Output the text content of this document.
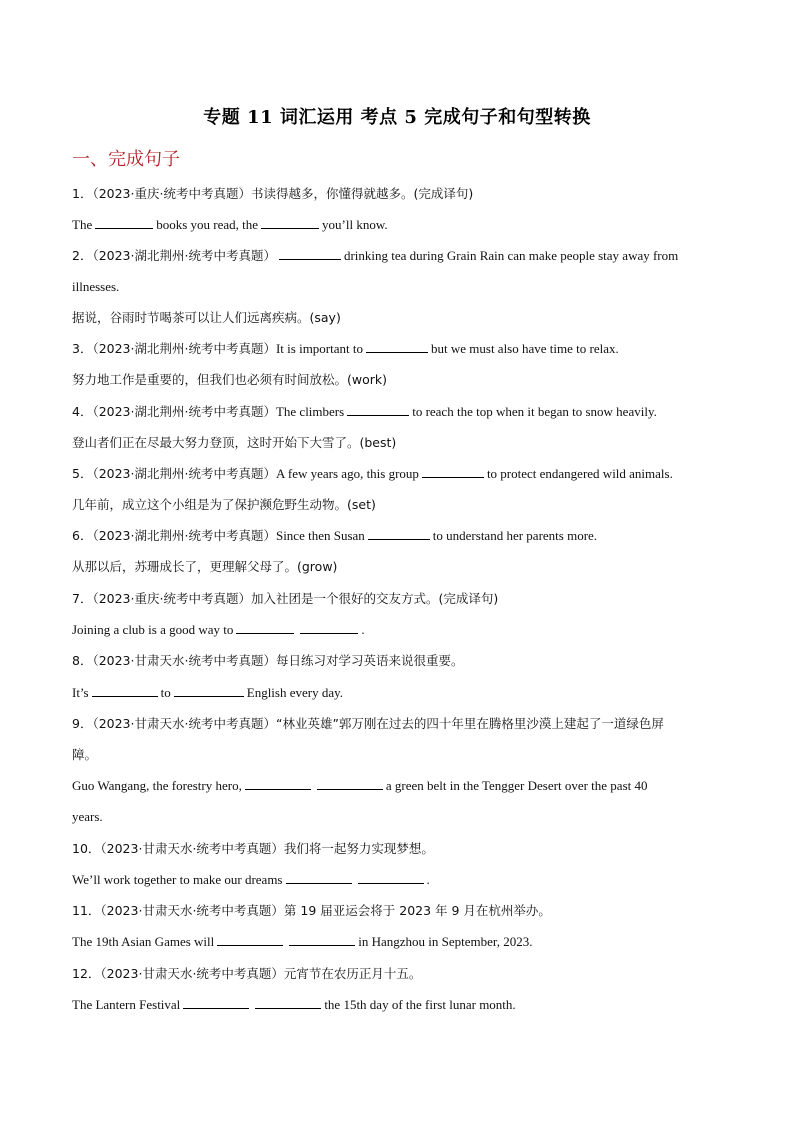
专题 11 词汇运用 考点 5 完成句子和句型转换
一、完成句子
1．（2023·重庆·统考中考真题）书读得越多，你懂得就越多。(完成译句)
The	books you read, the	you’ll know.
2．（2023·湖北荆州·统考中考真题）	drinking tea during Grain Rain can make people stay away from
illnesses.
据说，谷雨时节喝茶可以让人们远离疾病。(say)
3．（2023·湖北荆州·统考中考真题）It is important to	but we must also have time to relax.
努力地工作是重要的，但我们也必须有时间放松。(work)
4．（2023·湖北荆州·统考中考真题）The climbers	to reach the top when it began to snow heavily.
登山者们正在尽最大努力登顶，这时开始下大雪了。(best)
5．（2023·湖北荆州·统考中考真题）A few years ago, this group	to protect endangered wild animals.
几年前，成立这个小组是为了保护濒危野生动物。(set)
6．（2023·湖北荆州·统考中考真题）Since then Susan	to understand her parents more.
从那以后，苏珊成长了，更理解父母了。(grow)
7．（2023·重庆·统考中考真题）加入社团是一个很好的交友方式。(完成译句)
Joining a club is a good way to	.
8．（2023·甘肃天水·统考中考真题）每日练习对学习英语来说很重要。
It’s	to	English every day.
9．（2023·甘肃天水·统考中考真题）“林业英雄”郭万刚在过去的四十年里在腾格里沙漠上建起了一道绿色屏
障。
Guo Wangang, the forestry hero,	a green belt in the Tengger Desert over the past 40
years.
10．（2023·甘肃天水·统考中考真题）我们将一起努力实现梦想。
We’ll work together to make our dreams	.
11．（2023·甘肃天水·统考中考真题）第 19 届亚运会将于 2023 年 9 月在杭州举办。
The 19th Asian Games will	in Hangzhou in September, 2023.
12．（2023·甘肃天水·统考中考真题）元宵节在农历正月十五。
The Lantern Festival	the 15th day of the first lunar month.
